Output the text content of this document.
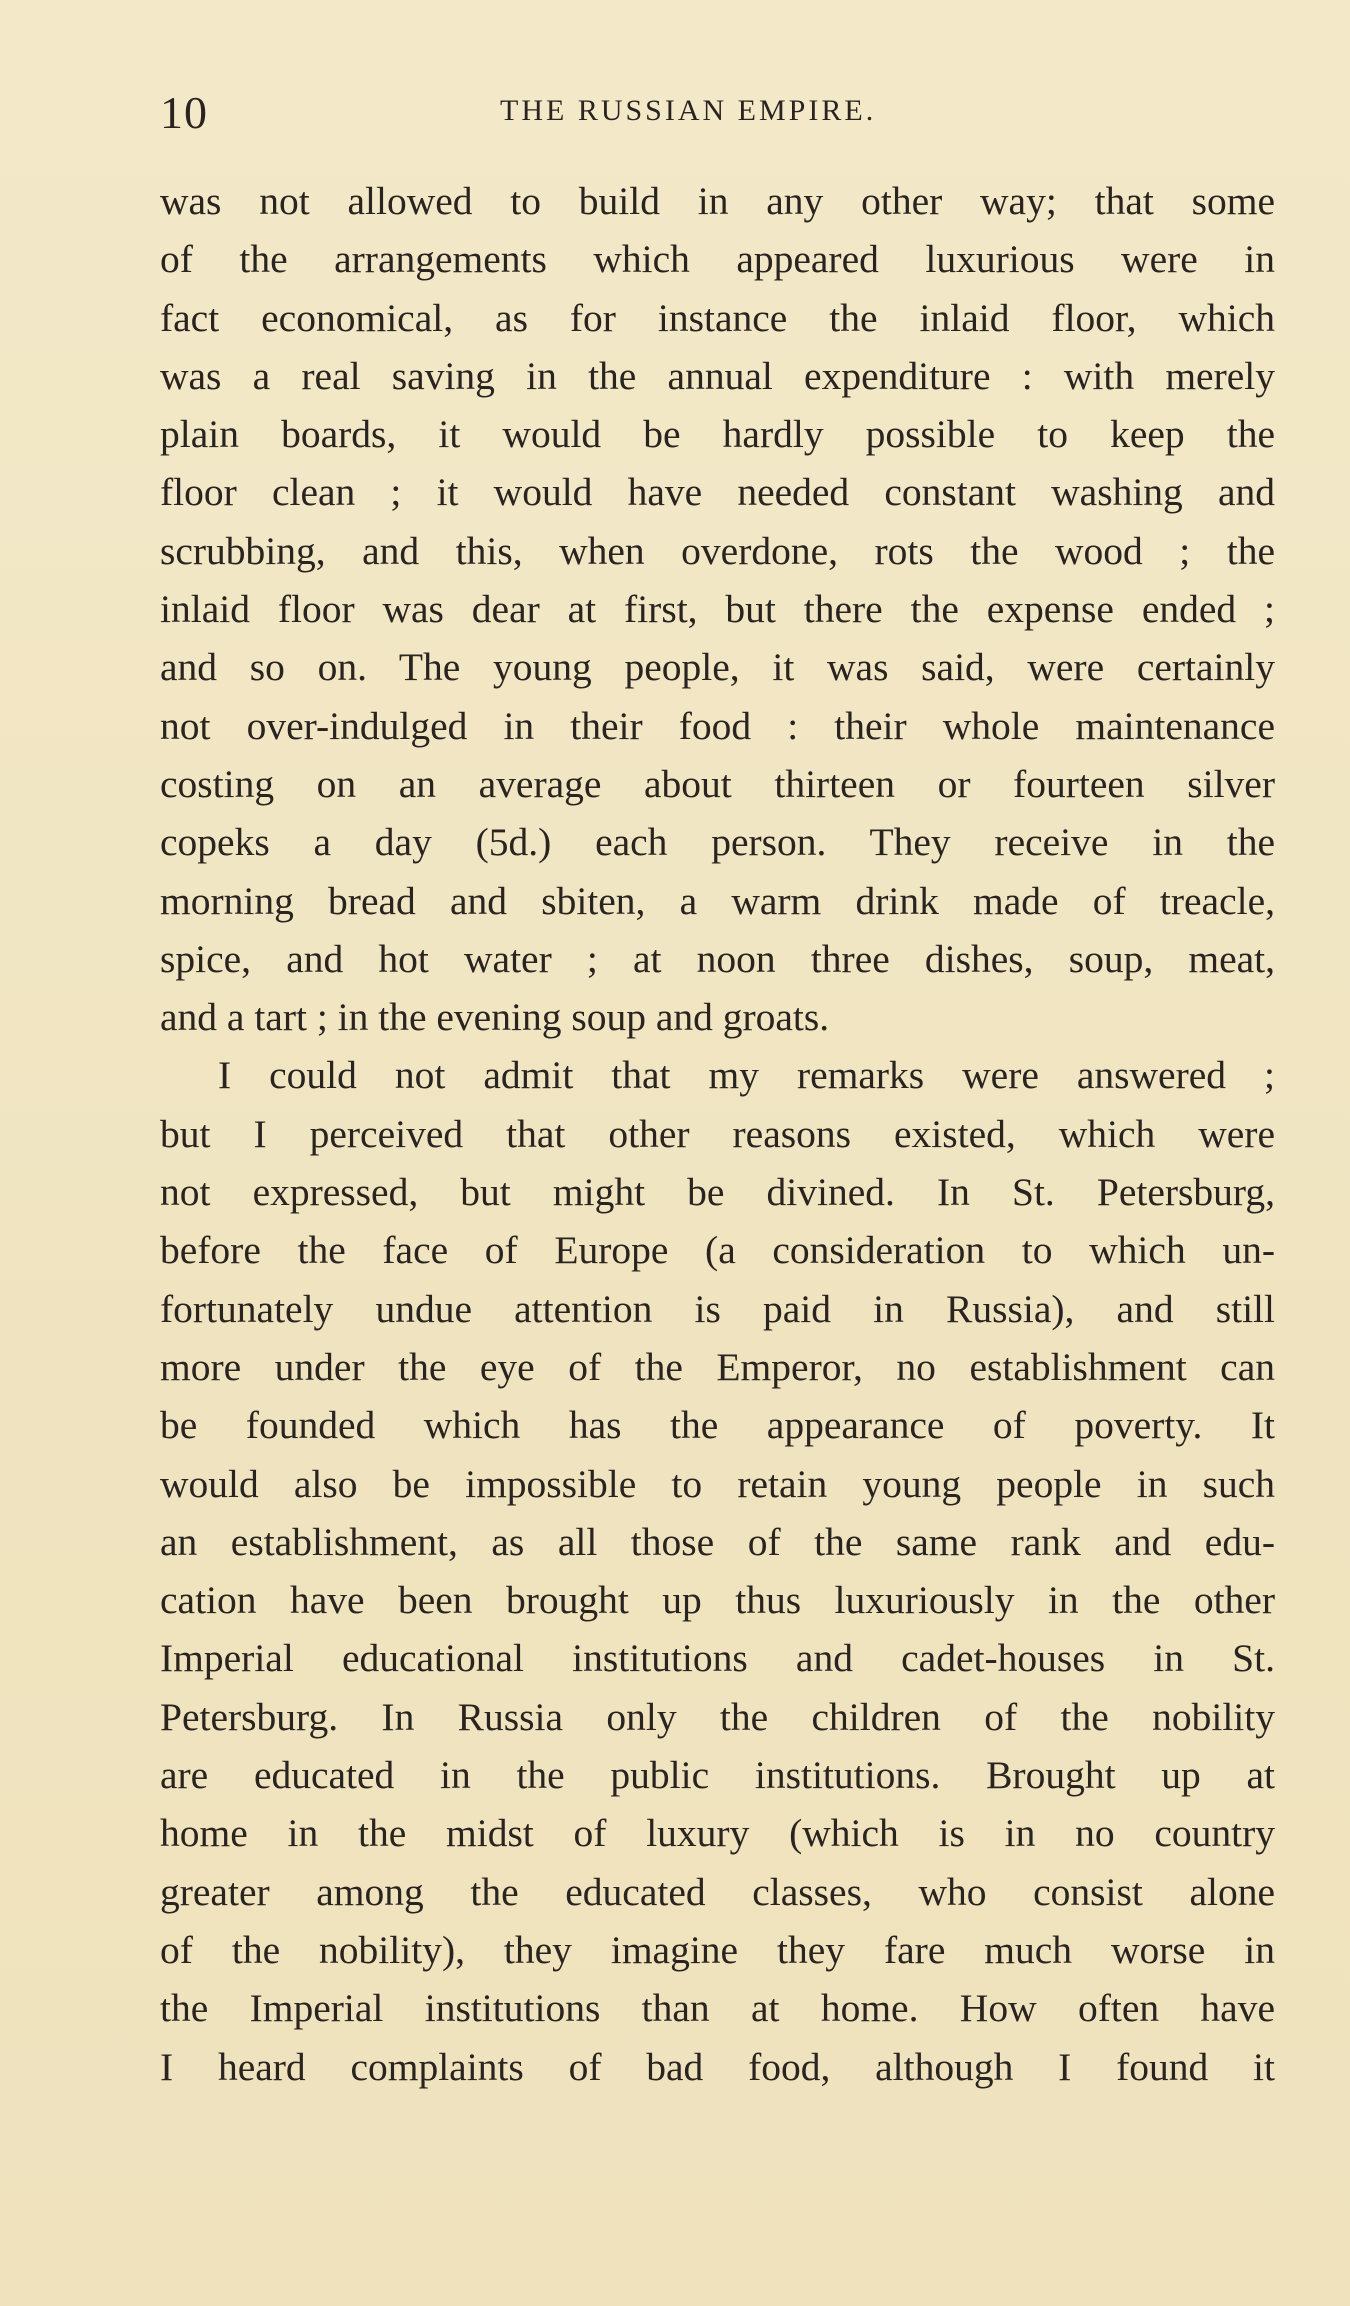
10	THE RUSSIAN EMPIRE.
was not allowed to build in any other way; that some
of the arrangements which appeared luxurious were in
fact economical, as for instance the inlaid floor, which
was a real saving in the annual expenditure : with merely
plain boards, it would be hardly possible to keep the
floor clean ; it would have needed constant washing and
scrubbing, and this, when overdone, rots the wood ; the
inlaid floor was dear at first, but there the expense ended ;
and so on. The young people, it was said, were certainly
not over-indulged in their food : their whole maintenance
costing on an average about thirteen or fourteen silver
copeks a day (5d.) each person. They receive in the
morning bread and sbiten, a warm drink made of treacle,
spice, and hot water ; at noon three dishes, soup, meat,
and a tart ; in the evening soup and groats.
I could not admit that my remarks were answered ;
but I perceived that other reasons existed, which were
not expressed, but might be divined. In St. Petersburg,
before the face of Europe (a consideration to which un-
fortunately undue attention is paid in Russia), and still
more under the eye of the Emperor, no establishment can
be founded which has the appearance of poverty. It
would also be impossible to retain young people in such
an establishment, as all those of the same rank and edu-
cation have been brought up thus luxuriously in the other
Imperial educational institutions and cadet-houses in St.
Petersburg. In Russia only the children of the nobility
are educated in the public institutions. Brought up at
home in the midst of luxury (which is in no country
greater among the educated classes, who consist alone
of the nobility), they imagine they fare much worse in
the Imperial institutions than at home. How often have
I heard complaints of bad food, although I found it
